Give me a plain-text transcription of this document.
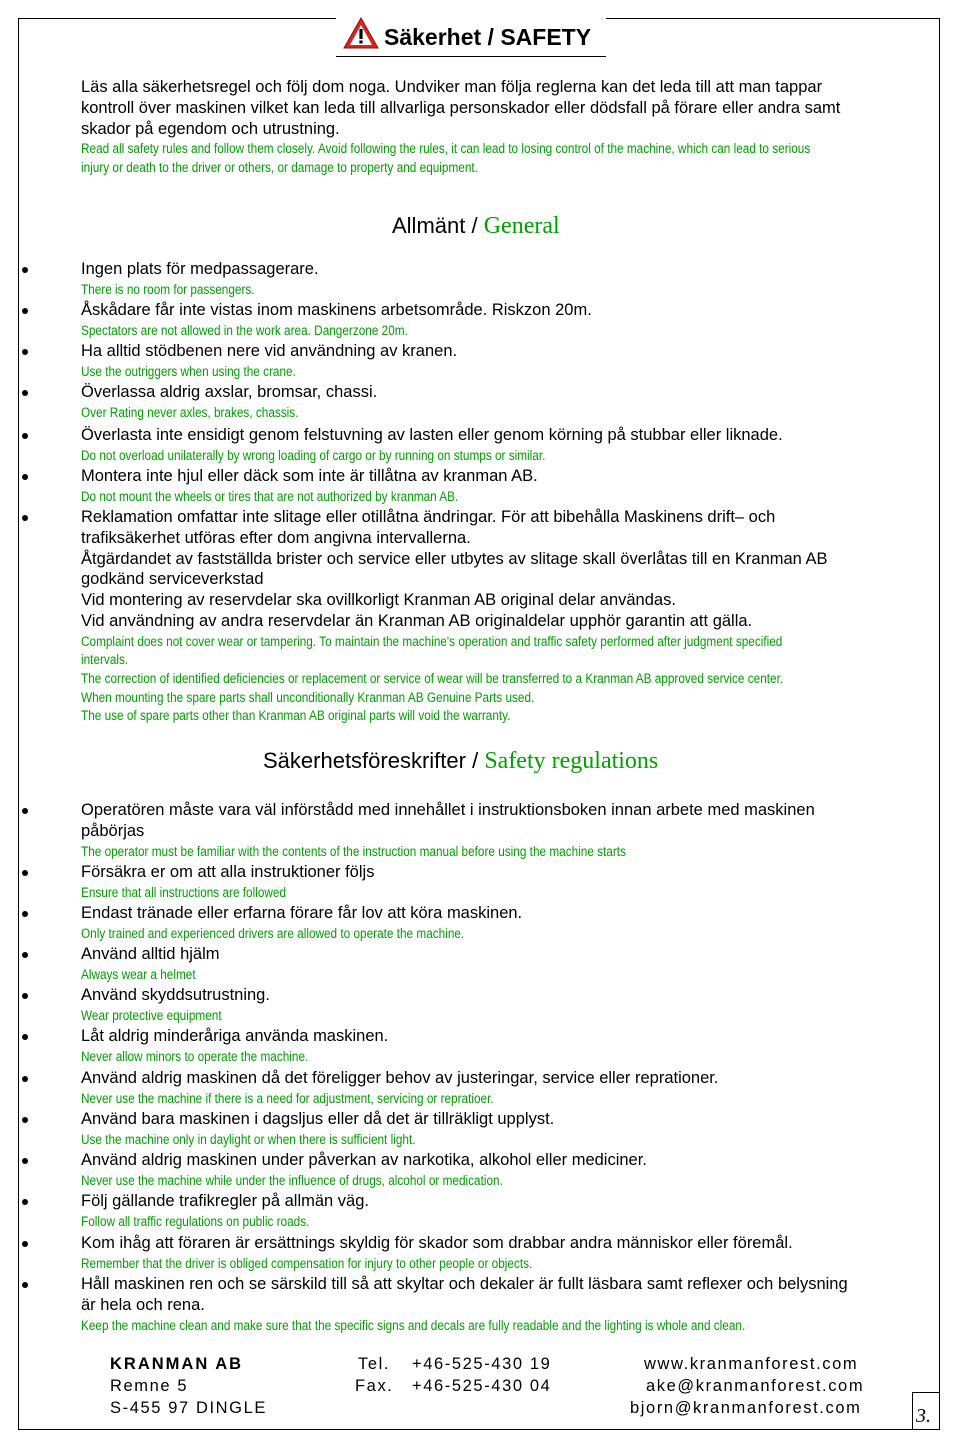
Säkerhet / SAFETY
Läs alla säkerhetsregel och följ dom noga. Undviker man följa reglerna kan det leda till att man tappar
kontroll över maskinen vilket kan leda till allvarliga personskador eller dödsfall på förare eller andra samt
skador på egendom och utrustning.
Read all safety rules and follow them closely. Avoid following the rules, it can lead to losing control of the machine, which can lead to serious
injury or death to the driver or others, or damage to property and equipment.
Allmänt / General
Säkerhetsföreskrifter / Safety regulations
Ingen plats för medpassagerare.
There is no room for passengers.
Åskådare får inte vistas inom maskinens arbetsområde. Riskzon 20m.
Spectators are not allowed in the work area. Dangerzone 20m.
Ha alltid stödbenen nere vid användning av kranen.
Use the outriggers when using the crane.
Överlassa aldrig axslar, bromsar, chassi.
Over Rating never axles, brakes, chassis.
Överlasta inte ensidigt genom felstuvning av lasten eller genom körning på stubbar eller liknade.
Do not overload unilaterally by wrong loading of cargo or by running on stumps or similar.
Montera inte hjul eller däck som inte är tillåtna av kranman AB.
Do not mount the wheels or tires that are not authorized by kranman AB.
Reklamation omfattar inte slitage eller otillåtna ändringar. För att bibehålla Maskinens drift– och
trafiksäkerhet utföras efter dom angivna intervallerna.
Åtgärdandet av fastställda brister och service eller utbytes av slitage skall överlåtas till en Kranman AB
godkänd serviceverkstad
Vid montering av reservdelar ska ovillkorligt Kranman AB original delar användas.
Vid användning av andra reservdelar än Kranman AB originaldelar upphör garantin att gälla.
Complaint does not cover wear or tampering. To maintain the machine's operation and traffic safety performed after judgment specified
intervals.
The correction of identified deficiencies or replacement or service of wear will be transferred to a Kranman AB approved service center.
When mounting the spare parts shall unconditionally Kranman AB Genuine Parts used.
The use of spare parts other than Kranman AB original parts will void the warranty.
Operatören måste vara väl införstådd med innehållet i instruktionsboken innan arbete med maskinen
påbörjas
The operator must be familiar with the contents of the instruction manual before using the machine starts
Försäkra er om att alla instruktioner följs
Ensure that all instructions are followed
Endast tränade eller erfarna förare får lov att köra maskinen.
Only trained and experienced drivers are allowed to operate the machine.
Använd alltid hjälm
Always wear a helmet
Använd skyddsutrustning.
Wear protective equipment
Låt aldrig minderåriga använda maskinen.
Never allow minors to operate the machine.
Använd aldrig maskinen då det föreligger behov av justeringar, service eller reprationer.
Never use the machine if there is a need for adjustment, servicing or repratioer.
Använd bara maskinen i dagsljus eller då det är tillräkligt upplyst.
Use the machine only in daylight or when there is sufficient light.
Använd aldrig maskinen under påverkan av narkotika, alkohol eller mediciner.
Never use the machine while under the influence of drugs, alcohol or medication.
Följ gällande trafikregler på allmän väg.
Follow all traffic regulations on public roads.
Kom ihåg att föraren är ersättnings skyldig för skador som drabbar andra människor eller föremål.
Remember that the driver is obliged compensation for injury to other people or objects.
Håll maskinen ren och se särskild till så att skyltar och dekaler är fullt läsbara samt reflexer och belysning
är hela och rena.
Keep the machine clean and make sure that the specific signs and decals are fully readable and the lighting is whole and clean.
KRANMAN AB
Remne 5
S-455 97 DINGLE
Tel. +46-525-430 19
Fax. +46-525-430 04
www.kranmanforest.com
ake@kranmanforest.com
bjorn@kranmanforest.com	3.
